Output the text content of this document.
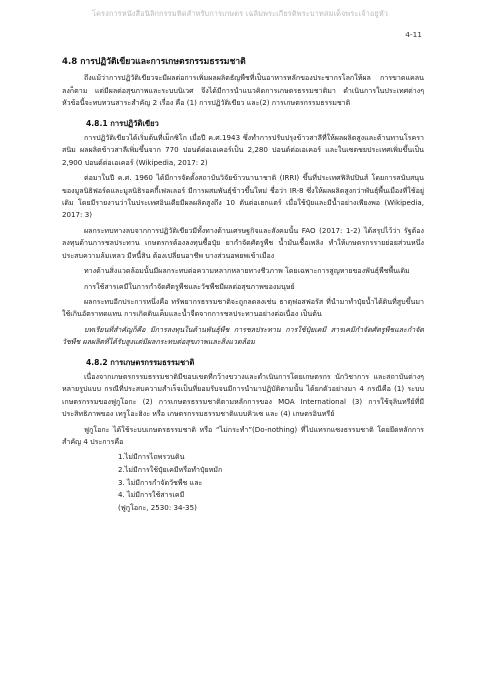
โครงการหนังสือนิลิกกรรมทิดสำหรับการเกษตร เฉลิมพระเกียรติพระบาทสมเด็จพระเจ้าอยู่หัว
4-11
4.8 การปฏิวัติเขียวและการเกษตรกรรมธรรมชาติ

ถึงแม้ว่าการปฏิวัติเขียวจะมีผลต่อการเพิ่มผลผลิตธัญพืชที่เป็นอาหารหลักของประชากรโลกให้ผล การขาดแคลนลงก็ตาม แต่มีผลต่อสุขภาพและระบบนิเวศ จึงได้มีการนำแนวคิดการเกษตรธรรมชาติมา ดำเนินการในประเทศต่างๆ หัวข้อนี้จะทบทวนสาระสำคัญ 2 เรื่อง คือ (1) การปฏิวัติเขียว และ(2) การเกษตรกรรมธรรมชาติ

4.8.1 การปฏิวัติเขียว

การปฏิวัติเขียวได้เริ่มต้นที่เม็กซิโก เมื่อปี ค.ศ.1943 ซึ่งทำการปรับปรุงข้าวสาลีที่ให้ผลผลิตสูงและต้านทานโรคราสนิม ผลผลิตข้าวสาลีเพิ่มขึ้นจาก 770 ปอนด์ต่อเอเคอร์เป็น 2,280 ปอนด์ต่อเอเคอร์ และในเซตชยประเทศเพิ่มขึ้นเป็น 2,900 ปอนด์ต่อเอเคอร์ (Wikipedia, 2017: 2)

ต่อมาในปี ค.ศ. 1960 ได้มีการจัดตั้งสถาบันวิจัยข้าวนานาชาติ (IRRI) ขึ้นที่ประเทศฟิลิปปินส์ โดยการสนับสนุนของมูลนิธิฟอร์ดและมูลนิธิรอคกี้เฟลเลอร์ มีการผสมพันธุ์ข้าวขึ้นใหม่ ชื่อว่า IR-8 ซึ่งให้ผลผลิตสูงกว่าพันธุ์พื้นเมืองที่ใช้อยู่เดิม โดยมีรายงานว่าในประเทศอินเดียมีผลผลิตสูงถึง 10 ตันต่อเฮกแตร์ เมื่อใช้ปุ๋ยและมีน้ำอย่างเพียงพอ (Wikipedia, 2017: 3)

ผลกระทบทางลบจากการปฏิวัติเขียวมีทั้งทางด้านเศรษฐกิจและสังคมนั้น FAO (2017: 1-2) ได้สรุปไว้ว่า รัฐต้องลงทุนด้านการชลประทาน เกษตรกรต้องลงทุนซื้อปุ๋ย ยากำจัดศัตรูพืช น้ำมันเชื้อเพลิง ทำให้เกษตรกรรายย่อยส่วนหนึ่งประสบความล้มเหลว มีหนี้สิน ต้องเปลี่ยนอาชีพ บางส่วนอพยพเข้าเมือง

ทางด้านสิ่งแวดล้อมนั้นมีผลกระทบต่อความหลากหลายทางชีวภาพ โดยเฉพาะการสูญหายของพันธุ์พืชพื้นเดิม

การใช้สารเคมีในการกำจัดศัตรูพืชและวัชพืชมีผลต่อสุขภาพของมนุษย์

ผลกระทบอีกประการหนึ่งคือ ทรัพยากรธรรมชาติจะถูกลดลงเช่น ธาตุฟอสฟอรัส ที่นำมาทำปุ๋ยน้ำได้ดินที่สูบขึ้นมาใช้เกินอัตราทดแทน การเกิดดินเค็มและน้ำจืดจากการชลประทานอย่างต่อเนื่อง เป็นต้น

บทเรียนที่สำคัญก็คือ มีการลงทุนในด้านพันธุ์พืช การชลประทาน การใช้ปุ๋ยเคมี สารเคมีกำจัดศัตรูพืชและกำจัดวัชพืช ผลผลิตที่ได้รับสูงแต่มีผลกระทบต่อสุขภาพและสิ่งแวดล้อม

4.8.2 การเกษตรกรรมธรรมชาติ

เนื่องจากเกษตรกรรมธรรมชาติมีขอบเขตที่กว้างขวางและดำเนินการโดยเกษตรกร นักวิชาการ และสถาบันต่างๆ หลายรูปแบบ กรณีที่ประสบความสำเร็จเป็นที่ยอมรับจนมีการนำมาปฏิบัติตามนั้น ได้ยกตัวอย่างมา 4 กรณีคือ (1) ระบบเกษตรกรรมของฟูกูโอกะ (2) การเกษตรธรรมชาติตามหลักการของ MOA International (3) การใช้จุลินทรีย์ที่มีประสิทธิภาพของ เทรูโอะฮิงะ หรือ เกษตรกรรมธรรมชาติแบบคิวเซ และ (4) เกษตรอินทรีย์

ฟูกูโอกะ ได้ใช้ระบบเกษตรธรรมชาติ หรือ “ไม่กระทำ”(Do-nothing) ที่ไปแทรกแซงธรรมชาติ โดยยึดหลักการสำคัญ 4 ประการคือ

1.ไม่มีการไถพรวนดิน
2.ไม่มีการใช้ปุ๋ยเคมีหรือทำปุ๋ยหมัก
3. ไม่มีการกำจัดวัชพืช และ
4. ไม่มีการใช้สารเคมี
(ฟูกูโอกะ, 2530: 34-35)
